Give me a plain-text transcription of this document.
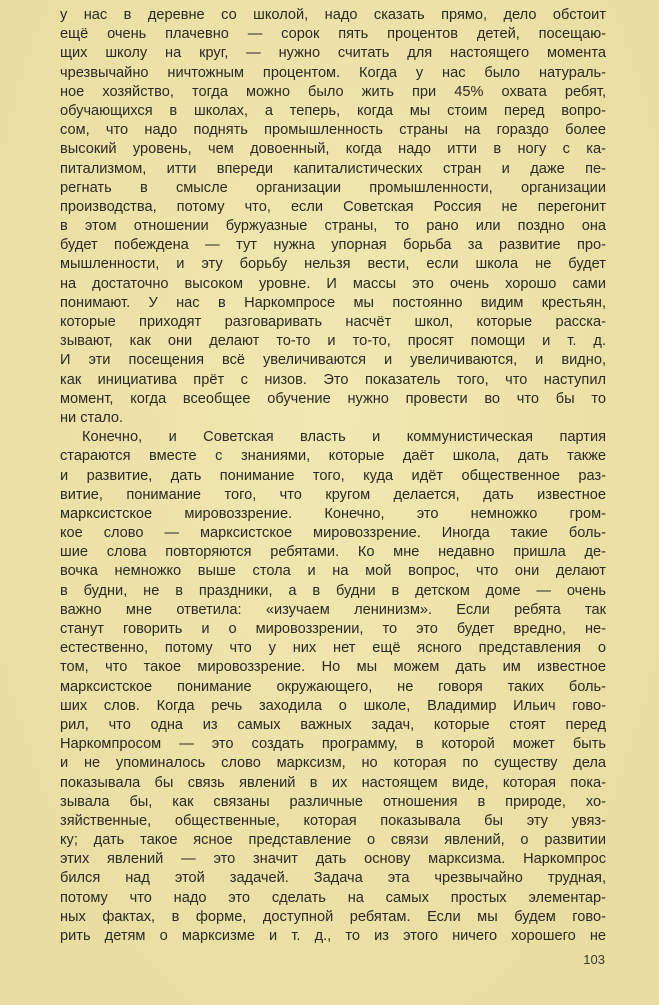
у нас в деревне со школой, надо сказать прямо, дело обстоит
ещё очень плачевно — сорок пять процентов детей, посещаю-
щих школу на круг, — нужно считать для настоящего момента
чрезвычайно ничтожным процентом. Когда у нас было натураль-
ное хозяйство, тогда можно было жить при 45% охвата ребят,
обучающихся в школах, а теперь, когда мы стоим перед вопро-
сом, что надо поднять промышленность страны на гораздо более
высокий уровень, чем довоенный, когда надо итти в ногу с ка-
питализмом, итти впереди капиталистических стран и даже пе-
регнать в смысле организации промышленности, организации
производства, потому что, если Советская Россия не перегонит
в этом отношении буржуазные страны, то рано или поздно она
будет побеждена — тут нужна упорная борьба за развитие про-
мышленности, и эту борьбу нельзя вести, если школа не будет
на достаточно высоком уровне. И массы это очень хорошо сами
понимают. У нас в Наркомпросе мы постоянно видим крестьян,
которые приходят разговаривать насчёт школ, которые расска-
зывают, как они делают то-то и то-то, просят помощи и т. д.
И эти посещения всё увеличиваются и увеличиваются, и видно,
как инициатива прёт с низов. Это показатель того, что наступил
момент, когда всеобщее обучение нужно провести во что бы то
ни стало.
Конечно, и Советская власть и коммунистическая партия
стараются вместе с знаниями, которые даёт школа, дать также
и развитие, дать понимание того, куда идёт общественное раз-
витие, понимание того, что кругом делается, дать известное
марксистское мировоззрение. Конечно, это немножко гром-
кое слово — марксистское мировоззрение. Иногда такие боль-
шие слова повторяются ребятами. Ко мне недавно пришла де-
вочка немножко выше стола и на мой вопрос, что они делают
в будни, не в праздники, а в будни в детском доме — очень
важно мне ответила: «изучаем ленинизм». Если ребята так
станут говорить и о мировоззрении, то это будет вредно, не-
естественно, потому что у них нет ещё ясного представления о
том, что такое мировоззрение. Но мы можем дать им известное
марксистское понимание окружающего, не говоря таких боль-
ших слов. Когда речь заходила о школе, Владимир Ильич гово-
рил, что одна из самых важных задач, которые стоят перед
Наркомпросом — это создать программу, в которой может быть
и не упоминалось слово марксизм, но которая по существу дела
показывала бы связь явлений в их настоящем виде, которая пока-
зывала бы, как связаны различные отношения в природе, хо-
зяйственные, общественные, которая показывала бы эту увяз-
ку; дать такое ясное представление о связи явлений, о развитии
этих явлений — это значит дать основу марксизма. Наркомпрос
бился над этой задачей. Задача эта чрезвычайно трудная,
потому что надо это сделать на самых простых элементар-
ных фактах, в форме, доступной ребятам. Если мы будем гово-
рить детям о марксизме и т. д., то из этого ничего хорошего не
103
